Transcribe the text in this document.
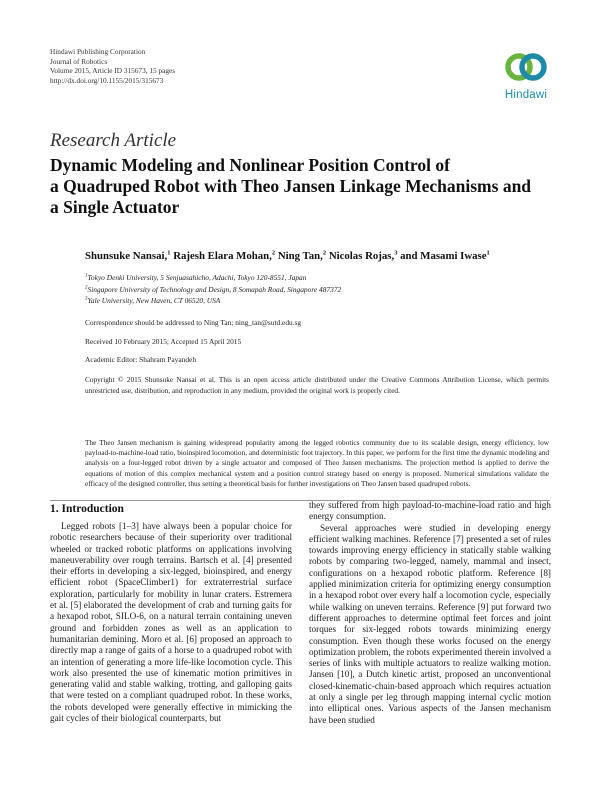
Hindawi Publishing Corporation
Journal of Robotics
Volume 2015, Article ID 315673, 15 pages
http://dx.doi.org/10.1155/2015/315673
Hindawi
Research Article
Dynamic Modeling and Nonlinear Position Control of
a Quadruped Robot with Theo Jansen Linkage Mechanisms and
a Single Actuator
Shunsuke Nansai,$^1$ Rajesh Elara Mohan,$^2$ Ning Tan,$^2$ Nicolas Rojas,$^3$ and Masami Iwase$^1$
$^1$Tokyo Denki University, 5 Senjuasahicho, Adachi, Tokyo 120-8551, Japan
$^2$Singapore University of Technology and Design, 8 Somapah Road, Singapore 487372
$^3$Yale University, New Haven, CT 06520, USA
Correspondence should be addressed to Ning Tan; ning_tan@sutd.edu.sg
Received 10 February 2015; Accepted 15 April 2015
Academic Editor: Shahram Payandeh
Copyright © 2015 Shunsuke Nansai et al. This is an open access article distributed under the Creative Commons Attribution License, which permits unrestricted use, distribution, and reproduction in any medium, provided the original work is properly cited.
The Theo Jansen mechanism is gaining widespread popularity among the legged robotics community due to its scalable design, energy efficiency, low payload-to-machine-load ratio, bioinspired locomotion, and deterministic foot trajectory. In this paper, we perform for the first time the dynamic modeling and analysis on a four-legged robot driven by a single actuator and composed of Theo Jansen mechanisms. The projection method is applied to derive the equations of motion of this complex mechanical system and a position control strategy based on energy is proposed. Numerical simulations validate the efficacy of the designed controller, thus setting a theoretical basis for further investigations on Theo Jansen based quadruped robots.
1. Introduction

Legged robots [1–3] have always been a popular choice for robotic researchers because of their superiority over traditional wheeled or tracked robotic platforms on applications involving maneuverability over rough terrains. Bartsch et al. [4] presented their efforts in developing a six-legged, bioinspired, and energy efficient robot (SpaceClimber1) for extraterrestrial surface exploration, particularly for mobility in lunar craters. Estremera et al. [5] elaborated the development of crab and turning gaits for a hexapod robot, SILO-6, on a natural terrain containing uneven ground and forbidden zones as well as an application to humanitarian demining. Moro et al. [6] proposed an approach to directly map a range of gaits of a horse to a quadruped robot with an intention of generating a more life-like locomotion cycle. This work also presented the use of kinematic motion primitives in generating valid and stable walking, trotting, and galloping gaits that were tested on a compliant quadruped robot. In these works, the robots developed were generally effective in mimicking the gait cycles of their biological counterparts, but

they suffered from high payload-to-machine-load ratio and high energy consumption.

Several approaches were studied in developing energy efficient walking machines. Reference [7] presented a set of rules towards improving energy efficiency in statically stable walking robots by comparing two-legged, namely, mammal and insect, configurations on a hexapod robotic platform. Reference [8] applied minimization criteria for optimizing energy consumption in a hexapod robot over every half a locomotion cycle, especially while walking on uneven terrains. Reference [9] put forward two different approaches to determine optimal feet forces and joint torques for six-legged robots towards minimizing energy consumption. Even though these works focused on the energy optimization problem, the robots experimented therein involved a series of links with multiple actuators to realize walking motion. Jansen [10], a Dutch kinetic artist, proposed an unconventional closed-kinematic-chain-based approach which requires actuation at only a single per leg through mapping internal cyclic motion into elliptical ones. Various aspects of the Jansen mechanism have been studied
